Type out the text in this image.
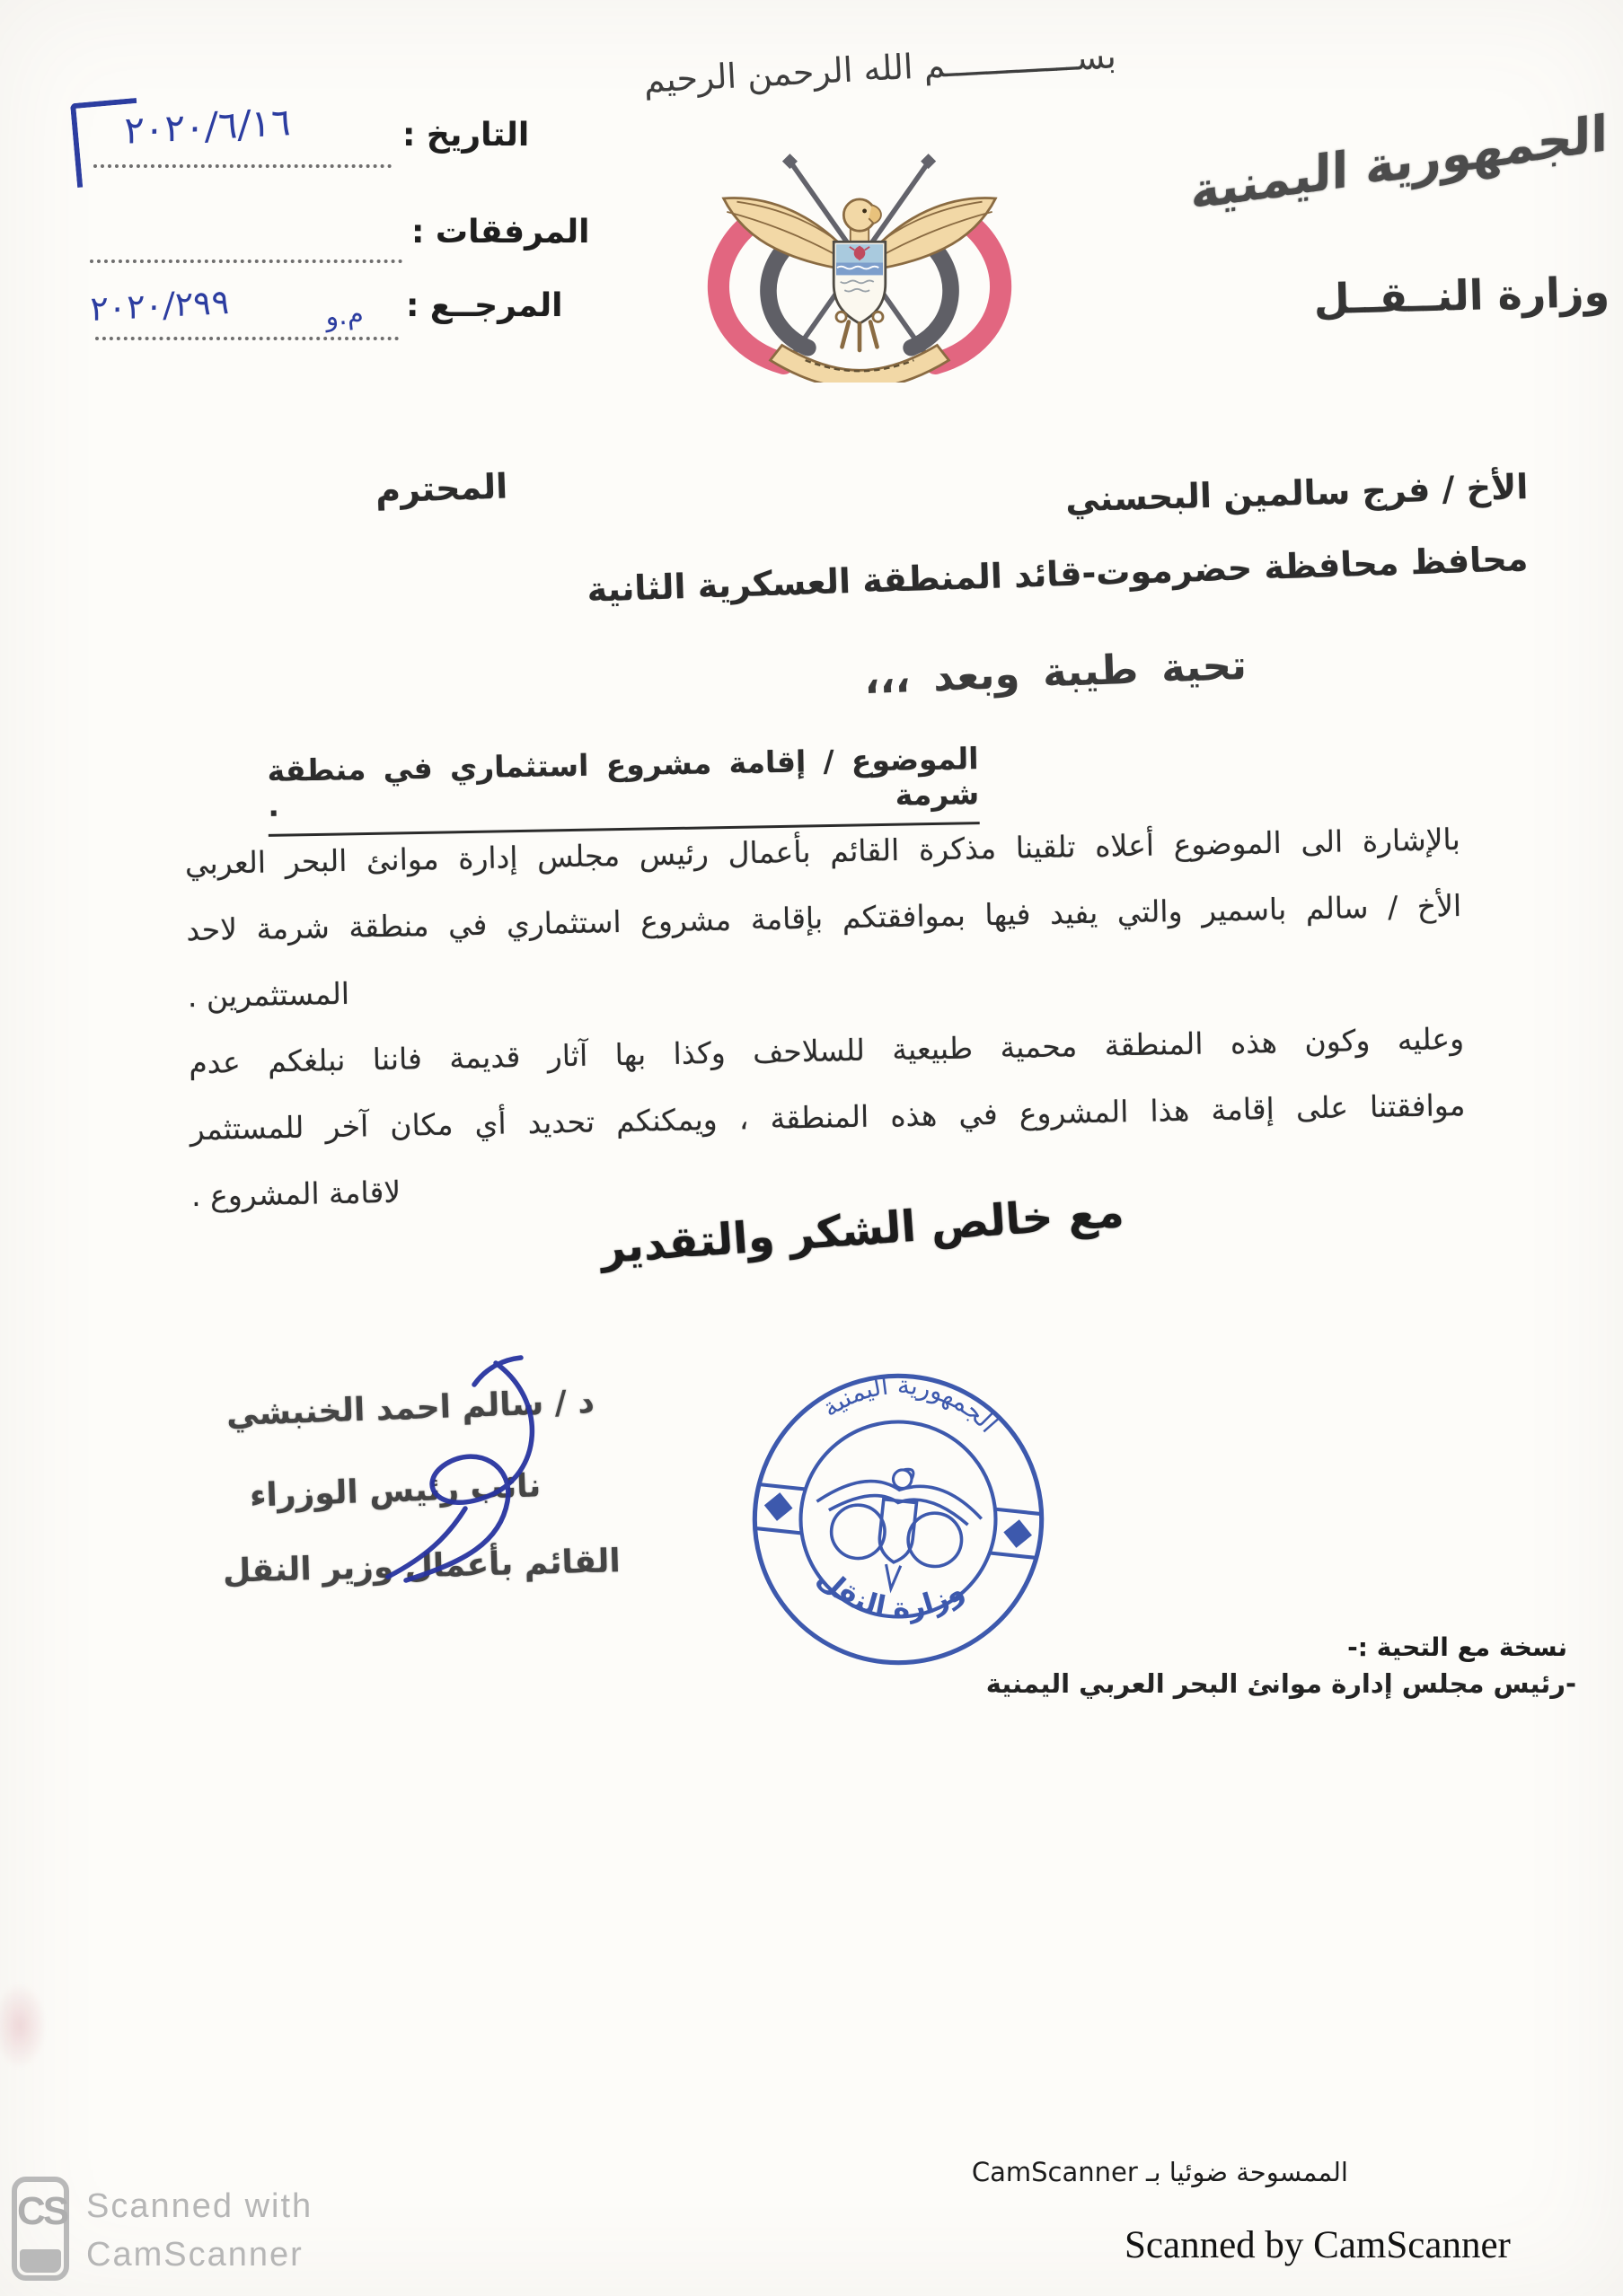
٢٠٢٠/٦/١٦	التاريخ :
المرفقات :
المرجــع :
٢٠٢٠/٢٩٩	م.و
بســـــــــــــم الله الرحمن الرحيم
الجمهورية اليمنية
وزارة النــقــل
الأخ / فرج سالمين البحسني
المحترم
محافظ محافظة حضرموت-قائد المنطقة العسكرية الثانية
تحية طيبة وبعد ،،،
الموضوع / إقامة مشروع استثماري في منطقة شرمة .
بالإشارة الى الموضوع أعلاه تلقينا مذكرة القائم بأعمال رئيس مجلس إدارة موانئ البحر العربي
الأخ / سالم باسمير والتي يفيد فيها بموافقتكم بإقامة مشروع استثماري في منطقة شرمة لاحد
المستثمرين .
وعليه وكون هذه المنطقة محمية طبيعية للسلاحف وكذا بها آثار قديمة فاننا نبلغكم عدم
موافقتنا على إقامة هذا المشروع في هذه المنطقة ، ويمكنكم تحديد أي مكان آخر للمستثمر
لاقامة المشروع .	مع خالص الشكر والتقدير
د / سالم احمد الخنبشي
نائب رئيس الوزراء
القائم بأعمال وزير النقل
الجمهورية اليمنية
وزارة النقل
نسخة مع التحية :-
-رئيس مجلس إدارة موانئ البحر العربي اليمنية
CS Scanned with
CamScanner
الممسوحة ضوئيا بـ CamScanner
Scanned by CamScanner
